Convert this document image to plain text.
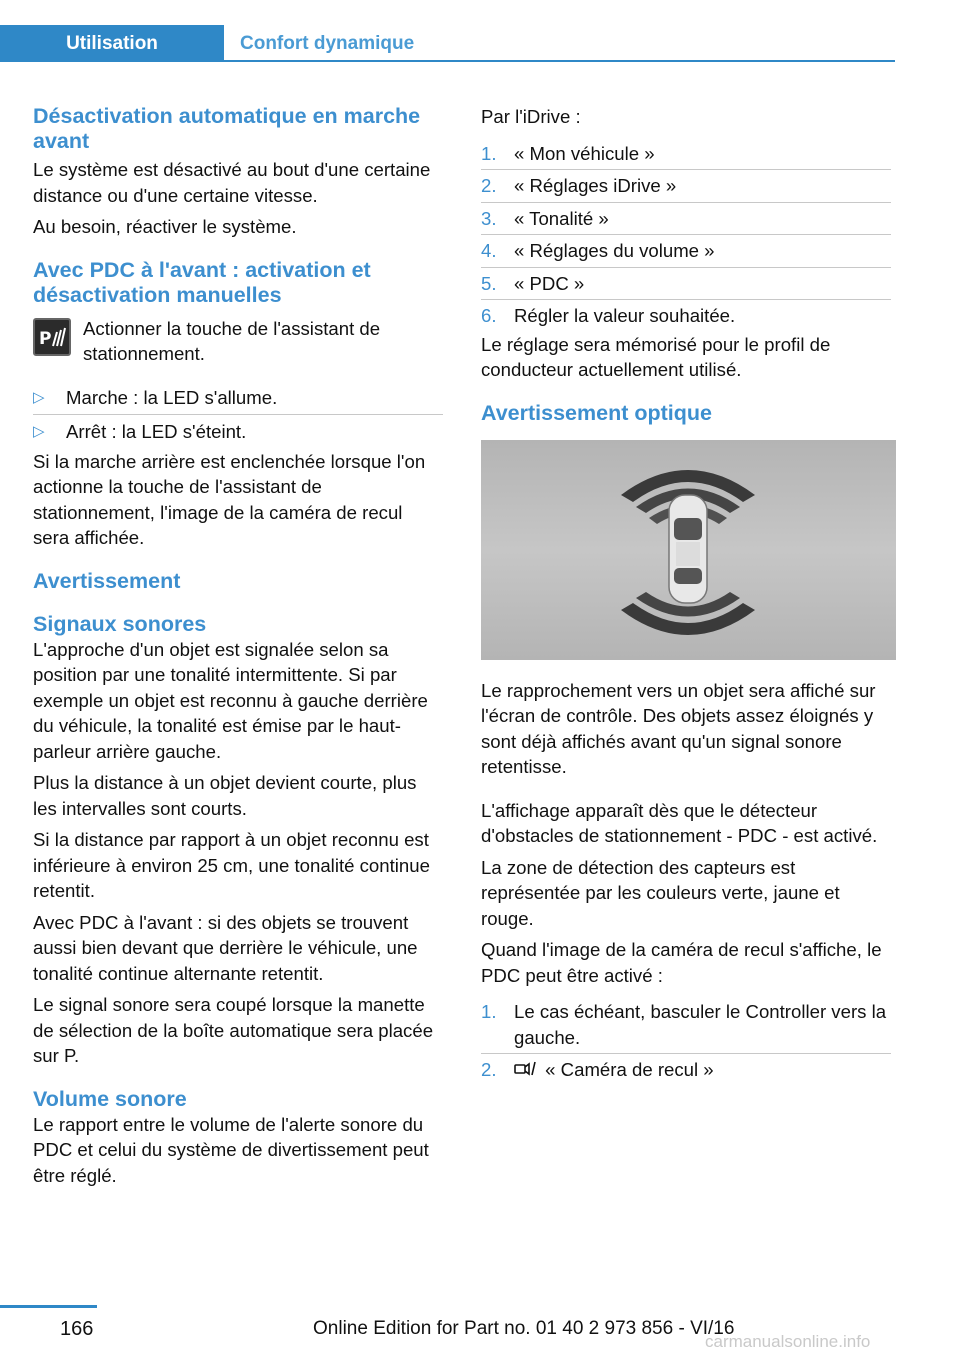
Utilisation	Confort dynamique
Désactivation automatique en marche avant

Le système est désactivé au bout d'une certaine distance ou d'une certaine vitesse.

Au besoin, réactiver le système.

Avec PDC à l'avant : activation et désactivation manuelles
P Actionner la touche de l'assistant de stationnement.

▷ Marche : la LED s'allume.
▷ Arrêt : la LED s'éteint.

Si la marche arrière est enclenchée lorsque l'on actionne la touche de l'assistant de stationnement, l'image de la caméra de recul sera affichée.

Avertissement
Signaux sonores

L'approche d'un objet est signalée selon sa position par une tonalité intermittente. Si par exemple un objet est reconnu à gauche derrière du véhicule, la tonalité est émise par le haut-parleur arrière gauche.

Plus la distance à un objet devient courte, plus les intervalles sont courts.

Si la distance par rapport à un objet reconnu est inférieure à environ 25 cm, une tonalité continue retentit.

Avec PDC à l'avant : si des objets se trouvent aussi bien devant que derrière le véhicule, une tonalité continue alternante retentit.

Le signal sonore sera coupé lorsque la manette de sélection de la boîte automatique sera placée sur P.

Volume sonore

Le rapport entre le volume de l'alerte sonore du PDC et celui du système de divertissement peut être réglé.

Par l'iDrive :

1. « Mon véhicule »
2. « Réglages iDrive »
3. « Tonalité »
4. « Réglages du volume »
5. « PDC »
6. Régler la valeur souhaitée.

Le réglage sera mémorisé pour le profil de conducteur actuellement utilisé.

Avertissement optique

Le rapprochement vers un objet sera affiché sur l'écran de contrôle. Des objets assez éloignés y sont déjà affichés avant qu'un signal sonore retentisse.

L'affichage apparaît dès que le détecteur d'obstacles de stationnement - PDC - est activé.

La zone de détection des capteurs est représentée par les couleurs verte, jaune et rouge.

Quand l'image de la caméra de recul s'affiche, le PDC peut être activé :

1. Le cas échéant, basculer le Controller vers la gauche.
2.	« Caméra de recul »
166	Online Edition for Part no. 01 40 2 973 856 - VI/16
carmanualsonline.info
